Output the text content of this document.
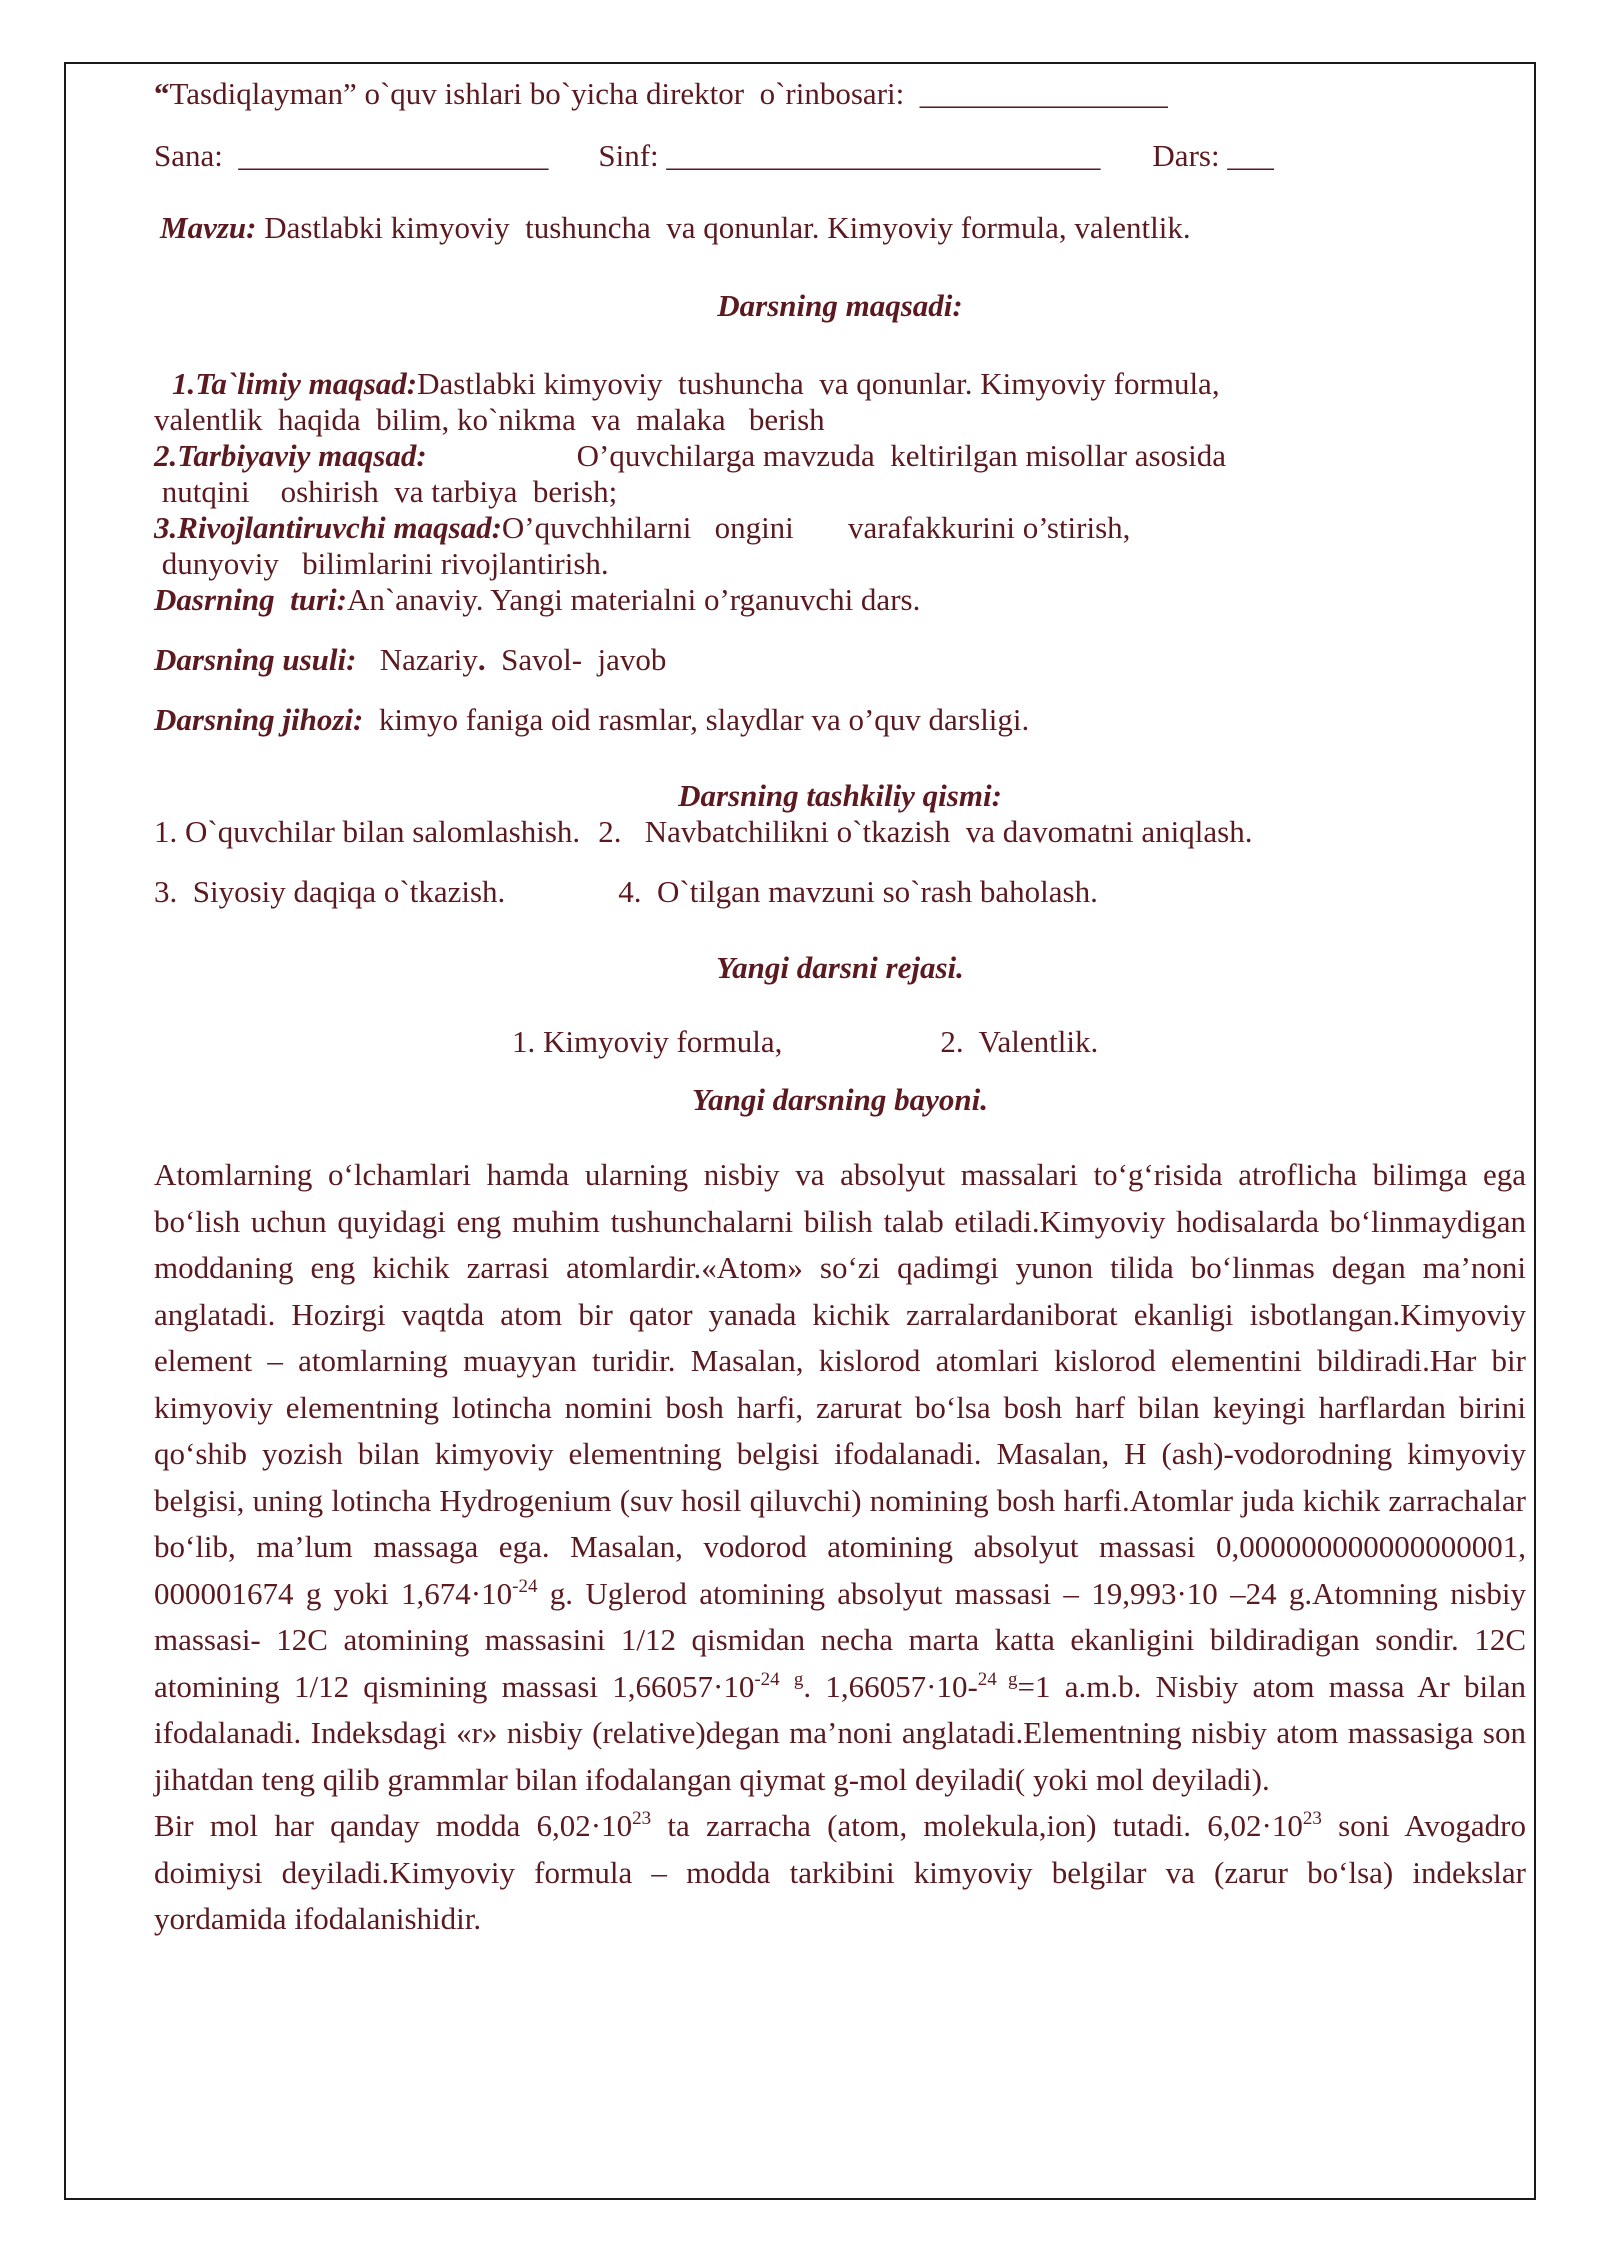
“Tasdiqlayman” o`quv ishlari bo`yicha direktor  o`rinbosari:  ________________
Sana:  ____________________ Sinf: ____________________________ Dars: ___
Mavzu: Dastlabki kimyoviy  tushuncha  va qonunlar. Kimyoviy formula, valentlik.
Darsning maqsadi:
1.Ta`limiy maqsad:Dastlabki kimyoviy  tushuncha  va qonunlar. Kimyoviy formula,
valentlik  haqida  bilim, ko`nikma  va  malaka   berish
2.Tarbiyaviy maqsad:	O’quvchilarga mavzuda  keltirilgan misollar asosida
nutqini    oshirish  va tarbiya  berish;
3.Rivojlantiruvchi maqsad:O’quvchhilarni   ongini       varafakkurini o’stirish,
dunyoviy   bilimlarini rivojlantirish.
Dasrning  turi:An`anaviy. Yangi materialni o’rganuvchi dars.
Darsning usuli:   Nazariy.  Savol-  javob
Darsning jihozi:  kimyo faniga oid rasmlar, slaydlar va o’quv darsligi.
Darsning tashkiliy qismi:
1. O`quvchilar bilan salomlashish. 2.   Navbatchilikni o`tkazish  va davomatni aniqlash.
3.  Siyosiy daqiqa o`tkazish.	4.  O`tilgan mavzuni so`rash baholash.
Yangi darsni rejasi.
1. Kimyoviy formula,	2.  Valentlik.
Yangi darsning bayoni.
Atomlarning o‘lchamlari hamda ularning nisbiy va absolyut massalari to‘g‘risida atroflicha bilimga ega bo‘lish uchun quyidagi eng muhim tushunchalarni bilish talab etiladi.Kimyoviy hodisalarda bo‘linmaydigan moddaning eng kichik zarrasi atomlardir.«Atom» so‘zi qadimgi yunon tilida bo‘linmas degan ma’noni anglatadi. Hozirgi vaqtda atom bir qator yanada kichik zarralardaniborat ekanligi isbotlangan.Kimyoviy element – atomlarning muayyan turidir. Masalan, kislorod atomlari kislorod elementini bildiradi.Har bir kimyoviy elementning lotincha nomini bosh harfi, zarurat bo‘lsa bosh harf bilan keyingi harflardan birini qo‘shib yozish bilan kimyoviy elementning belgisi ifodalanadi. Masalan, H (ash)-vodorodning kimyoviy belgisi, uning lotincha Hydrogenium (suv hosil qiluvchi) nomining bosh harfi.Atomlar juda kichik zarrachalar bo‘lib, ma’lum massaga ega. Masalan, vodorod atomining absolyut massasi 0,000000000000000001, 000001674 g yoki $1,674\cdot 10^{-24}$ g. Uglerod atomining absolyut massasi – 19,993·10 –24 g.Atomning nisbiy massasi- 12C atomining massasini 1/12 qismidan necha marta katta ekanligini bildiradigan sondir. 12C atomining 1/12 qismining massasi $1,66057\cdot 10^{-24}$ $^g$. 1,66057·10-$^{24}$ $^g$=1 a.m.b. Nisbiy atom massa Ar bilan ifodalanadi. Indeksdagi «r» nisbiy (relative)degan ma’noni anglatadi.Elementning nisbiy atom massasiga son jihatdan teng qilib grammlar bilan ifodalangan qiymat g-mol deyiladi( yoki mol deyiladi).
Bir mol har qanday modda $6,02\cdot 10^{23}$ ta zarracha (atom, molekula,ion) tutadi. $6,02\cdot 10^{23}$ soni Avogadro doimiysi deyiladi.Kimyoviy formula – modda tarkibini kimyoviy belgilar va (zarur bo‘lsa) indekslar yordamida ifodalanishidir.
